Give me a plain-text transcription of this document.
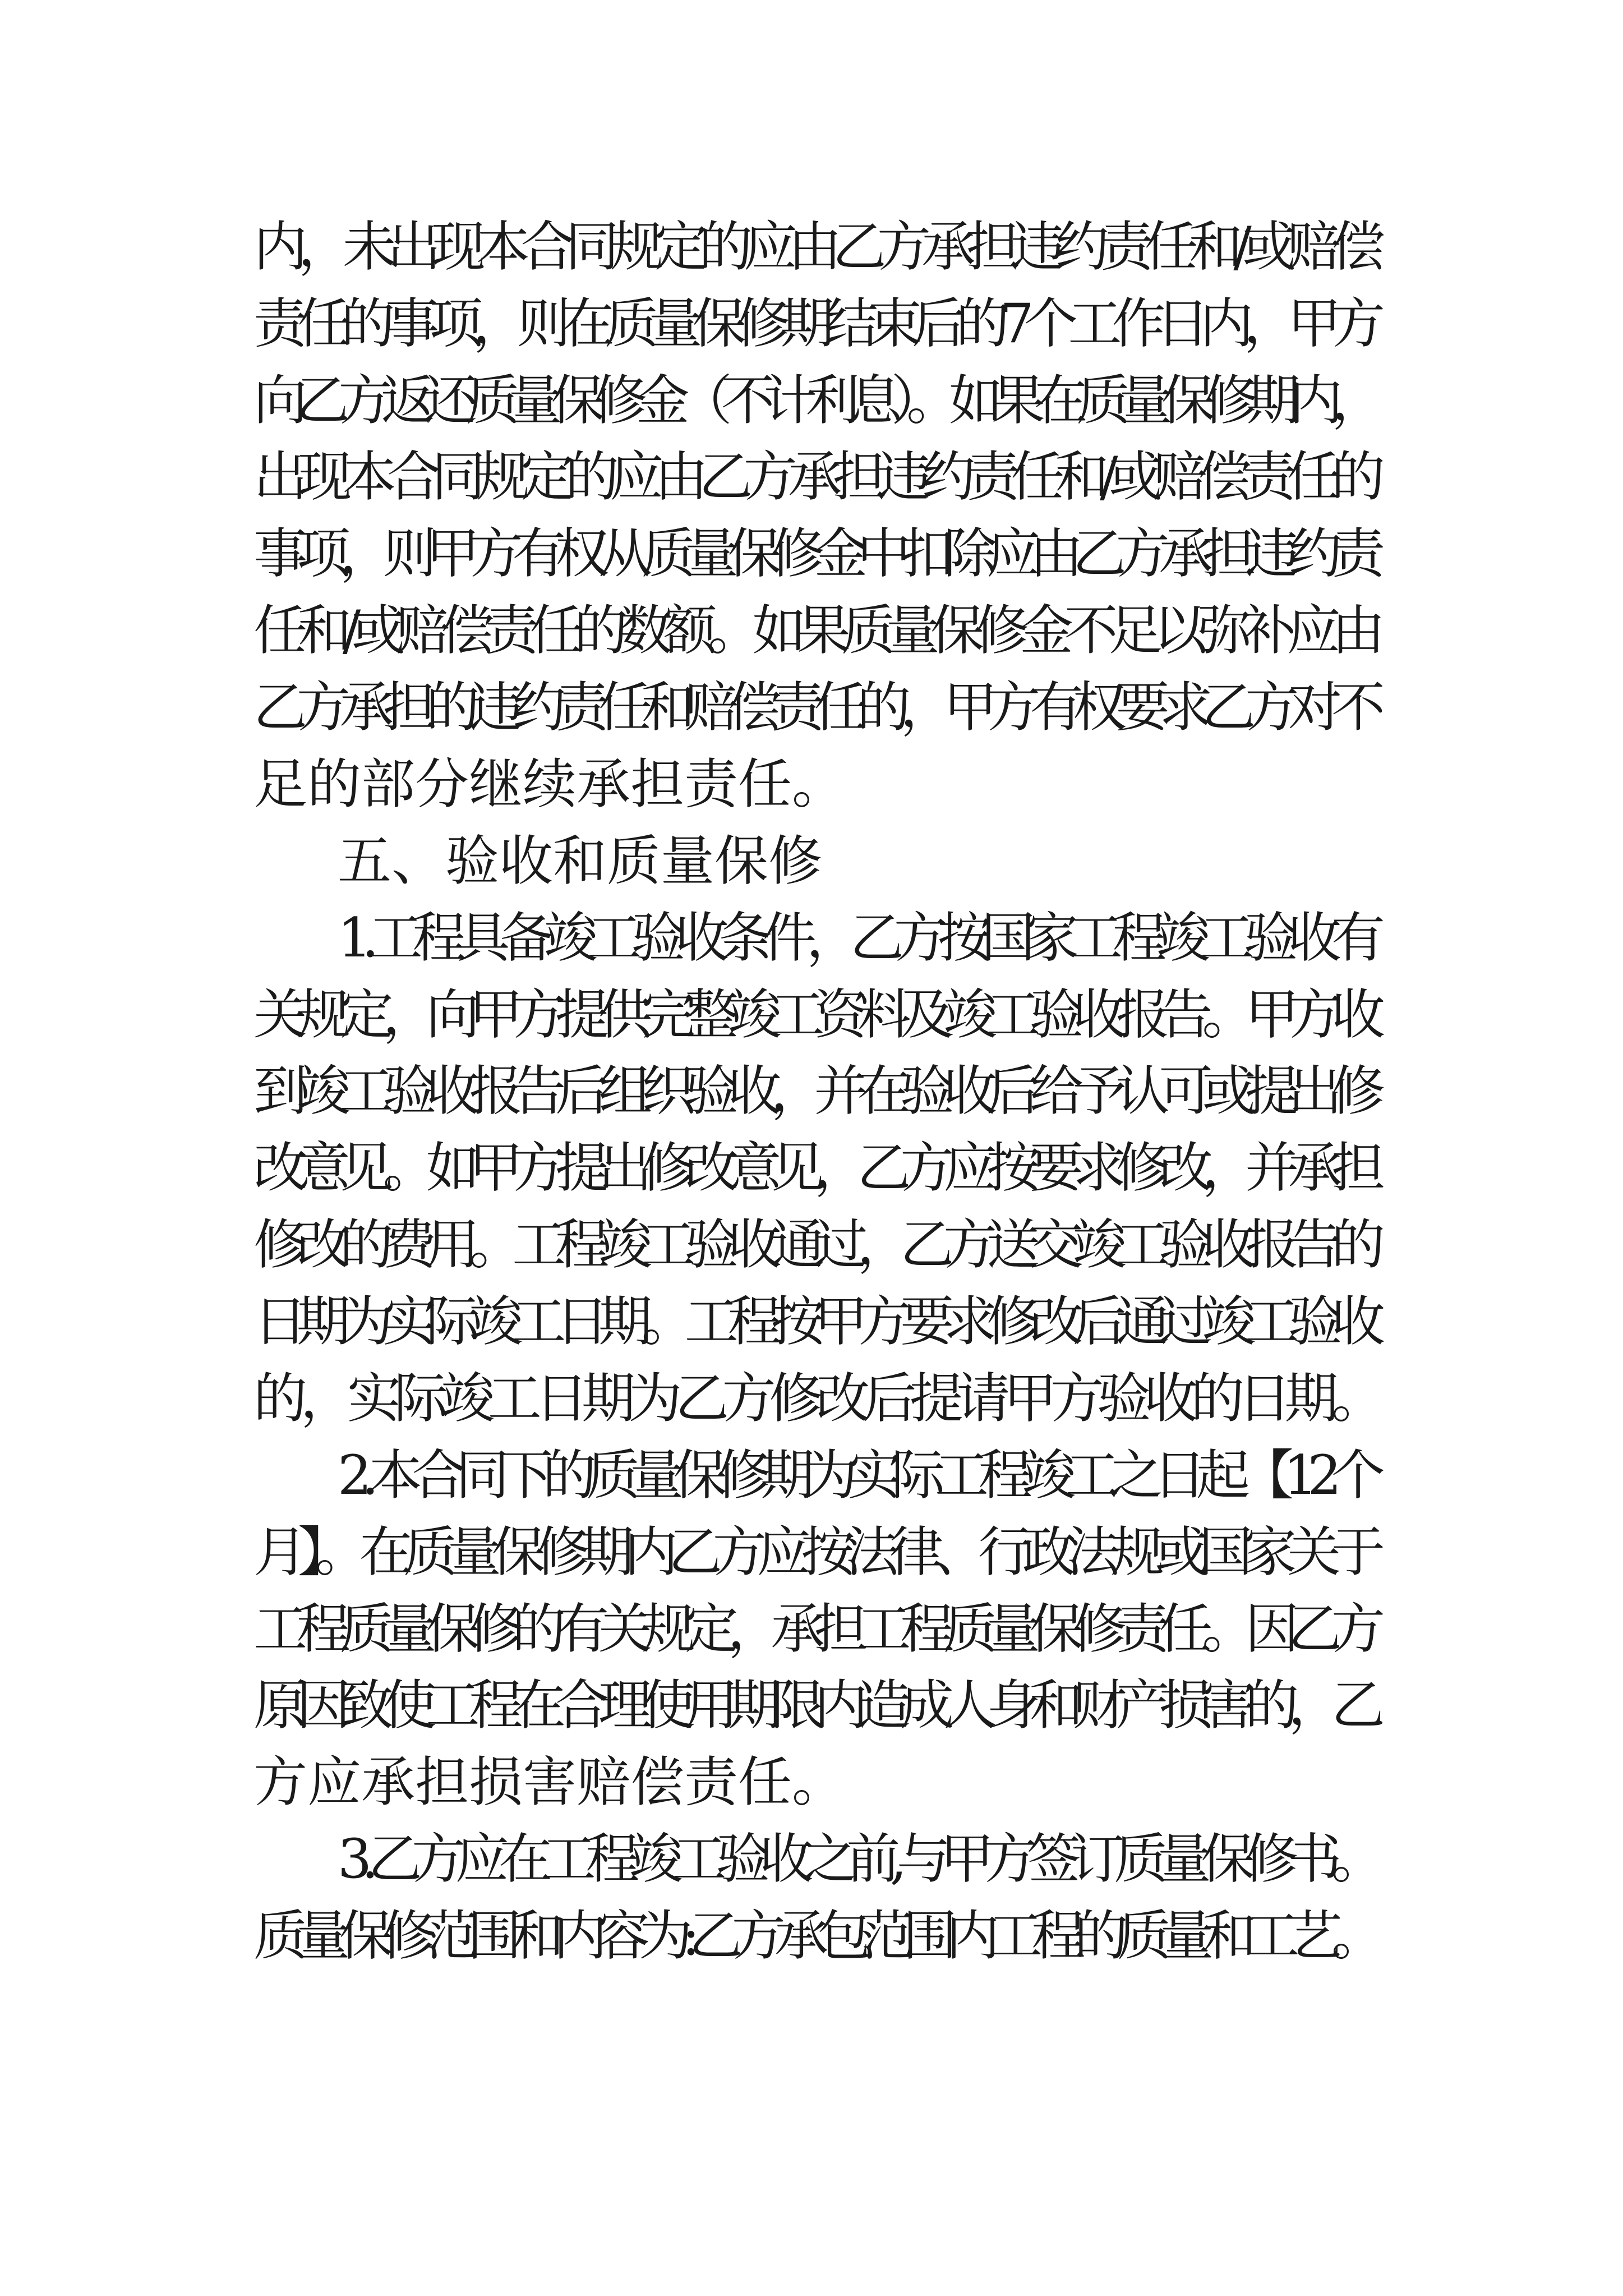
内，未出现本合同规定的应由乙方承担违约责任和/或赔偿
责任的事项，则在质量保修期结束后的7个工作日内，甲方
向乙方返还质量保修金（不计利息）。如果在质量保修期内，
出现本合同规定的应由乙方承担违约责任和/或赔偿责任的
事项，则甲方有权从质量保修金中扣除应由乙方承担违约责
任和/或赔偿责任的数额。如果质量保修金不足以弥补应由
乙方承担的违约责任和赔偿责任的，甲方有权要求乙方对不
足的部分继续承担责任。
五、验收和质量保修
1.工程具备竣工验收条件，乙方按国家工程竣工验收有
关规定，向甲方提供完整竣工资料及竣工验收报告。甲方收
到竣工验收报告后组织验收，并在验收后给予认可或提出修
改意见。如甲方提出修改意见，乙方应按要求修改，并承担
修改的费用。工程竣工验收通过，乙方送交竣工验收报告的
日期为实际竣工日期。工程按甲方要求修改后通过竣工验收
的，实际竣工日期为乙方修改后提请甲方验收的日期。
2.本合同下的质量保修期为实际工程竣工之日起【12个
月】。在质量保修期内乙方应按法律、行政法规或国家关于
工程质量保修的有关规定，承担工程质量保修责任。因乙方
原因致使工程在合理使用期限内造成人身和财产损害的，乙
方应承担损害赔偿责任。
3.乙方应在工程竣工验收之前,与甲方签订质量保修书。
质量保修范围和内容为:乙方承包范围内工程的质量和工艺。
